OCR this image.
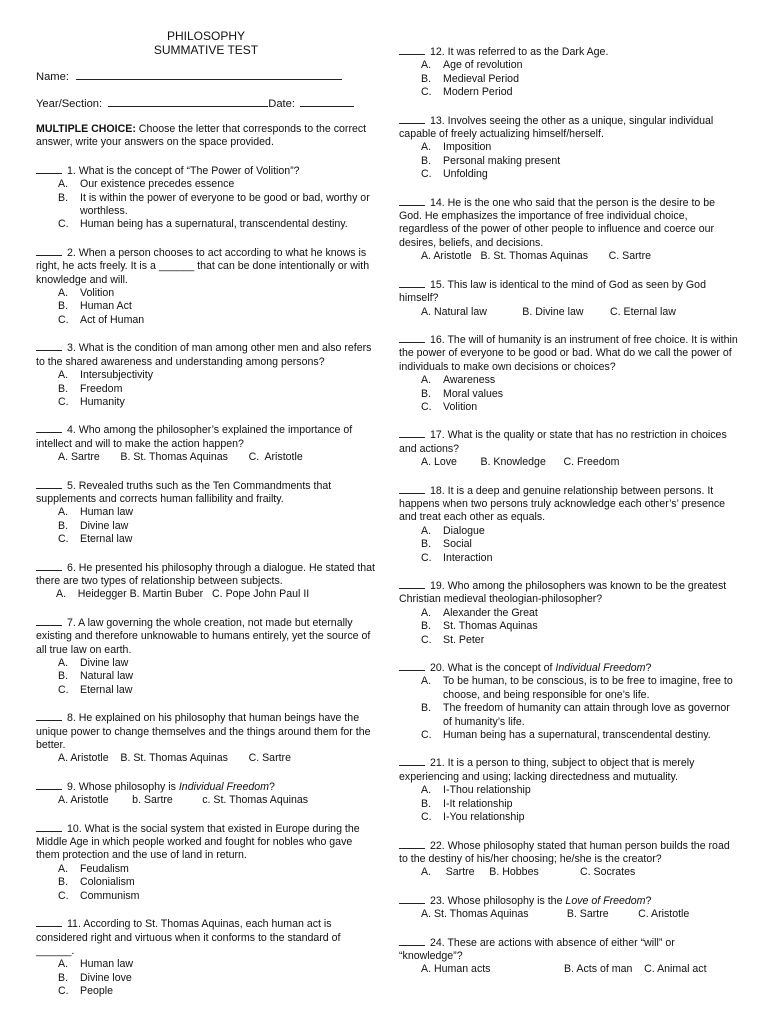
PHILOSOPHY
SUMMATIVE TEST
Name:
Year/Section:	Date:
MULTIPLE CHOICE: Choose the letter that corresponds to the correct answer, write your answers on the space provided.
1. What is the concept of “The Power of Volition”?
A.	Our existence precedes essence
B.	It is within the power of everyone to be good or bad, worthy or worthless.
C.	Human being has a supernatural, transcendental destiny.
2. When a person chooses to act according to what he knows is right, he acts freely. It is a ______ that can be done intentionally or with knowledge and will.
A.	Volition
B.	Human Act
C.	Act of Human
3. What is the condition of man among other men and also refers to the shared awareness and understanding among persons?
A.	Intersubjectivity
B.	Freedom
C.	Humanity
4. Who among the philosopher’s explained the importance of intellect and will to make the action happen?
A. Sartre       B. St. Thomas Aquinas       C.  Aristotle
5. Revealed truths such as the Ten Commandments that supplements and corrects human fallibility and frailty.
A.	Human law
B.	Divine law
C.	Eternal law
6. He presented his philosophy through a dialogue. He stated that there are two types of relationship between subjects.
A.    Heidegger B. Martin Buber   C. Pope John Paul II
7. A law governing the whole creation, not made but eternally existing and therefore unknowable to humans entirely, yet the source of all true law on earth.
A.	Divine law
B.	Natural law
C.	Eternal law
8. He explained on his philosophy that human beings have the unique power to change themselves and the things around them for the better.
A. Aristotle    B. St. Thomas Aquinas       C. Sartre
9. Whose philosophy is Individual Freedom?
A. Aristotle        b. Sartre          c. St. Thomas Aquinas
10. What is the social system that existed in Europe during the Middle Age in which people worked and fought for nobles who gave them protection and the use of land in return.
A.	Feudalism
B.	Colonialism
C.	Communism
11. According to St. Thomas Aquinas, each human act is considered right and virtuous when it conforms to the standard of ______.
A.	Human law
B.	Divine love
C.	People
12. It was referred to as the Dark Age.
A.	Age of revolution
B.	Medieval Period
C.	Modern Period
13. Involves seeing the other as a unique, singular individual capable of freely actualizing himself/herself.
A.	Imposition
B.	Personal making present
C.	Unfolding
14. He is the one who said that the person is the desire to be God. He emphasizes the importance of free individual choice, regardless of the power of other people to influence and coerce our desires, beliefs, and decisions.
A. Aristotle   B. St. Thomas Aquinas       C. Sartre
15. This law is identical to the mind of God as seen by God himself?
A. Natural law            B. Divine law         C. Eternal law
16. The will of humanity is an instrument of free choice. It is within the power of everyone to be good or bad. What do we call the power of individuals to make own decisions or choices?
A.	Awareness
B.	Moral values
C.	Volition
17. What is the quality or state that has no restriction in choices and actions?
A. Love        B. Knowledge      C. Freedom
18. It is a deep and genuine relationship between persons. It happens when two persons truly acknowledge each other’s’ presence and treat each other as equals.
A.	Dialogue
B.	Social
C.	Interaction
19. Who among the philosophers was known to be the greatest Christian medieval theologian-philosopher?
A.	Alexander the Great
B.	St. Thomas Aquinas
C.	St. Peter
20. What is the concept of Individual Freedom?
A.	To be human, to be conscious, is to be free to imagine, free to choose, and being responsible for one’s life.
B.	The freedom of humanity can attain through love as governor of humanity’s life.
C.	Human being has a supernatural, transcendental destiny.
21. It is a person to thing, subject to object that is merely experiencing and using; lacking directedness and mutuality.
A.	I-Thou relationship
B.	I-It relationship
C.	I-You relationship
22. Whose philosophy stated that human person builds the road to the destiny of his/her choosing; he/she is the creator?
A.     Sartre     B. Hobbes              C. Socrates
23. Whose philosophy is the Love of Freedom?
A. St. Thomas Aquinas             B. Sartre          C. Aristotle
24. These are actions with absence of either “will” or “knowledge”?
A. Human acts                         B. Acts of man    C. Animal act
